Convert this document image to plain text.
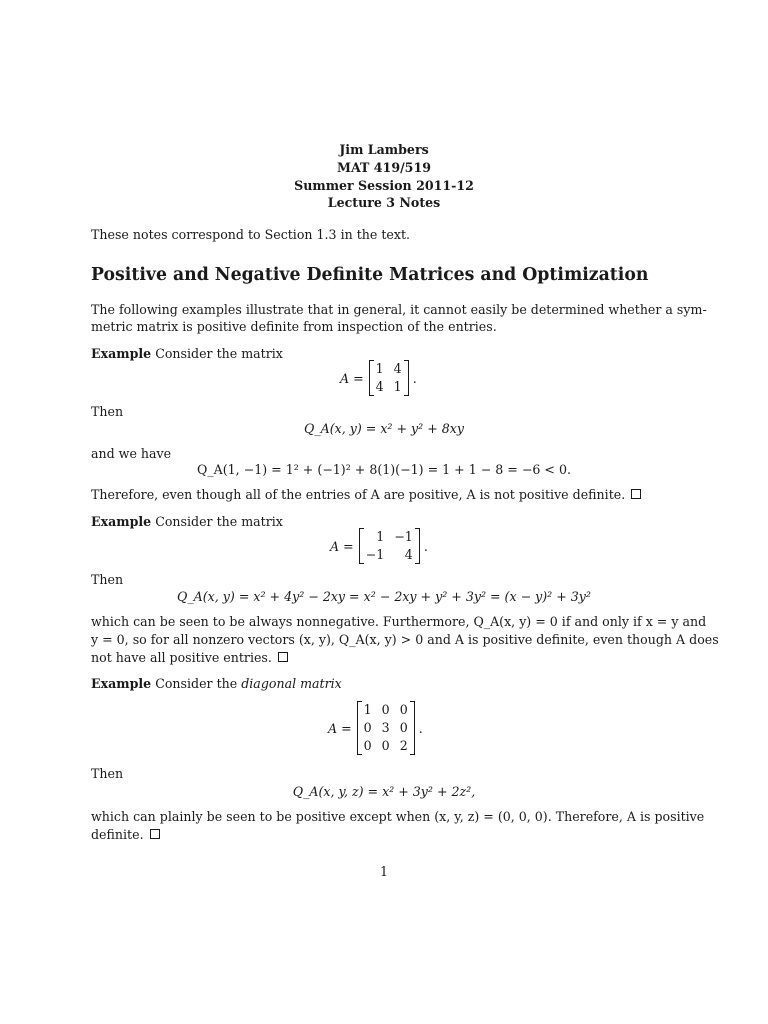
Jim Lambers
MAT 419/519
Summer Session 2011-12
Lecture 3 Notes
These notes correspond to Section 1.3 in the text.
Positive and Negative Definite Matrices and Optimization
The following examples illustrate that in general, it cannot easily be determined whether a sym-
metric matrix is positive definite from inspection of the entries.
Example Consider the matrix
A =
1 4
4 1
.
Then
Q_A(x, y) = x² + y² + 8xy
and we have
Q_A(1, −1) = 1² + (−1)² + 8(1)(−1) = 1 + 1 − 8 = −6 < 0.
Therefore, even though all of the entries of A are positive, A is not positive definite.
Example Consider the matrix
A =
1 −1
−1	4
.
Then
Q_A(x, y) = x² + 4y² − 2xy = x² − 2xy + y² + 3y² = (x − y)² + 3y²
which can be seen to be always nonnegative. Furthermore, Q_A(x, y) = 0 if and only if x = y and
y = 0, so for all nonzero vectors (x, y), Q_A(x, y) > 0 and A is positive definite, even though A does
not have all positive entries.
Example Consider the diagonal matrix
A =
1 0 0
0 3 0
0 0 2
.
Then
Q_A(x, y, z) = x² + 3y² + 2z²,
which can plainly be seen to be positive except when (x, y, z) = (0, 0, 0). Therefore, A is positive
definite.
1
